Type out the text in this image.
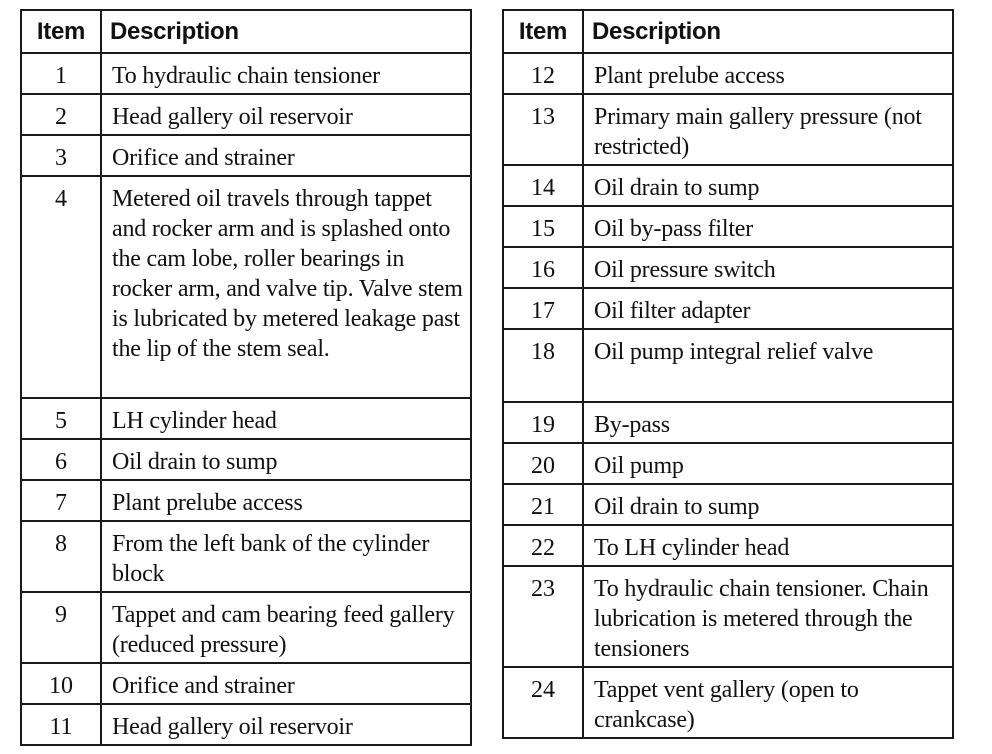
Item	Description
1	To hydraulic chain tensioner
2	Head gallery oil reservoir
3	Orifice and strainer
4	Metered oil travels through tappet and rocker arm and is splashed onto the cam lobe, roller bearings in rocker arm, and valve tip. Valve stem is lubricated by metered leakage past the lip of the stem seal.
5	LH cylinder head
6	Oil drain to sump
7	Plant prelube access
8	From the left bank of the cylinder block
9	Tappet and cam bearing feed gallery (reduced pressure)
10	Orifice and strainer
11	Head gallery oil reservoir
Item	Description
12	Plant prelube access
13	Primary main gallery pressure (not restricted)
14	Oil drain to sump
15	Oil by-pass filter
16	Oil pressure switch
17	Oil filter adapter
18	Oil pump integral relief valve
19	By-pass
20	Oil pump
21	Oil drain to sump
22	To LH cylinder head
23	To hydraulic chain tensioner. Chain lubrication is metered through the tensioners
24	Tappet vent gallery (open to crankcase)
